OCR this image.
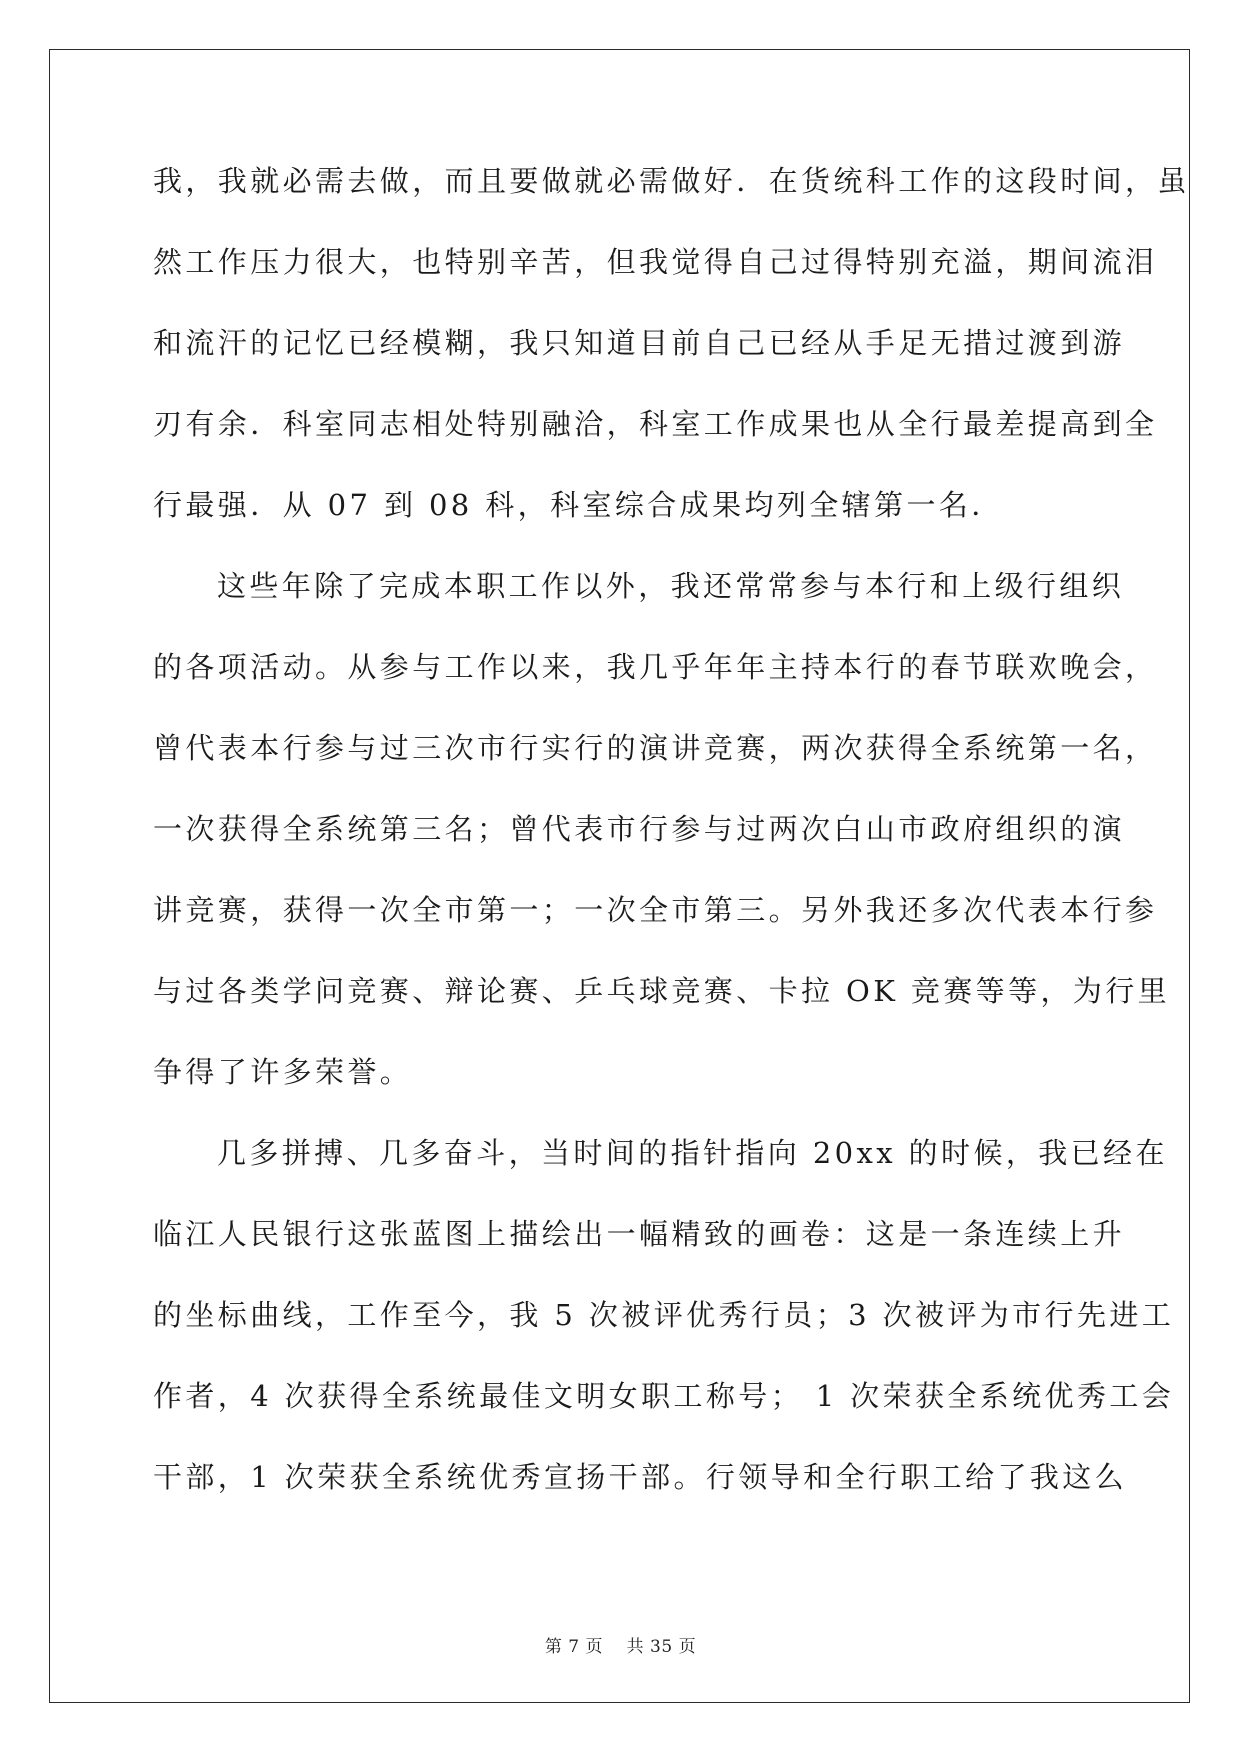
我，我就必需去做，而且要做就必需做好．在货统科工作的这段时间，虽
然工作压力很大，也特别辛苦，但我觉得自己过得特别充溢，期间流泪
和流汗的记忆已经模糊，我只知道目前自己已经从手足无措过渡到游
刃有余．科室同志相处特别融洽，科室工作成果也从全行最差提高到全
行最强．从 07 到 08 科，科室综合成果均列全辖第一名．
这些年除了完成本职工作以外，我还常常参与本行和上级行组织
的各项活动。从参与工作以来，我几乎年年主持本行的春节联欢晚会，
曾代表本行参与过三次市行实行的演讲竞赛，两次获得全系统第一名，
一次获得全系统第三名；曾代表市行参与过两次白山市政府组织的演
讲竞赛，获得一次全市第一；一次全市第三。另外我还多次代表本行参
与过各类学问竞赛、辩论赛、乒乓球竞赛、卡拉 OK 竞赛等等，为行里
争得了许多荣誉。
几多拼搏、几多奋斗，当时间的指针指向 20xx 的时候，我已经在
临江人民银行这张蓝图上描绘出一幅精致的画卷：这是一条连续上升
的坐标曲线，工作至今，我 5 次被评优秀行员；3 次被评为市行先进工
作者，4 次获得全系统最佳文明女职工称号； 1 次荣获全系统优秀工会
干部，1 次荣获全系统优秀宣扬干部。行领导和全行职工给了我这么
第 7 页 共 35 页
